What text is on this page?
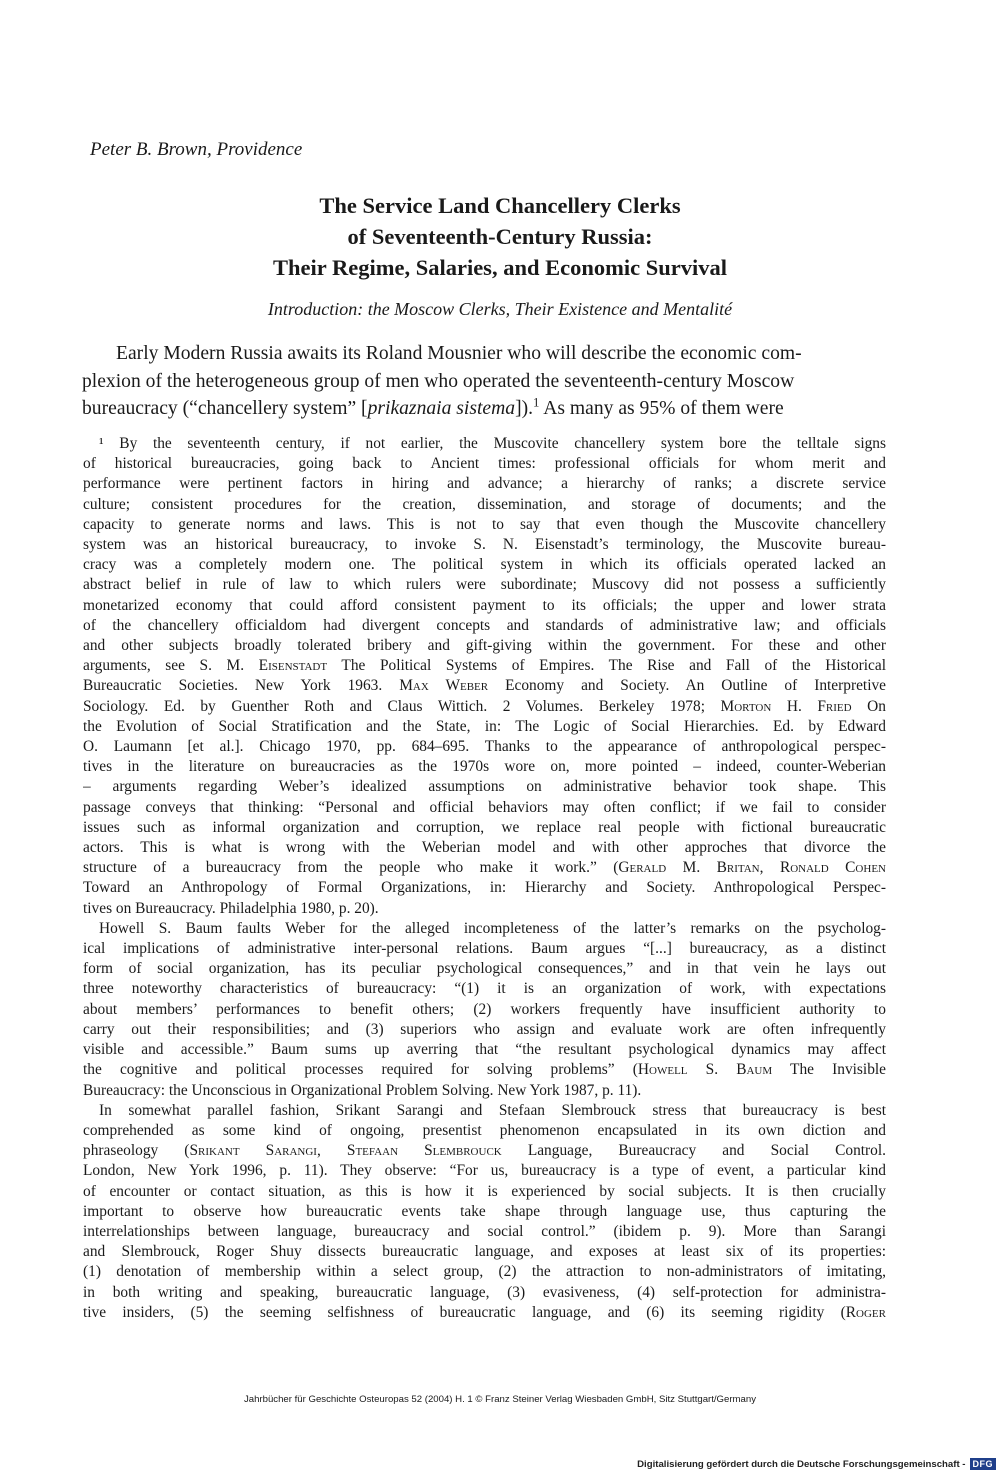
Peter B. Brown, Providence
The Service Land Chancellery Clerks
of Seventeenth-Century Russia:
Their Regime, Salaries, and Economic Survival
Introduction: the Moscow Clerks, Their Existence and Mentalité
Early Modern Russia awaits its Roland Mousnier who will describe the economic com-
plexion of the heterogeneous group of men who operated the seventeenth-century Moscow
bureaucracy (“chancellery system” [prikaznaia sistema]).$^1$ As many as 95% of them were
¹ By the seventeenth century, if not earlier, the Muscovite chancellery system bore the telltale signs
of historical bureaucracies, going back to Ancient times: professional officials for whom merit and
performance were pertinent factors in hiring and advance; a hierarchy of ranks; a discrete service
culture; consistent procedures for the creation, dissemination, and storage of documents; and the
capacity to generate norms and laws. This is not to say that even though the Muscovite chancellery
system was an historical bureaucracy, to invoke S. N. Eisenstadt’s terminology, the Muscovite bureau-
cracy was a completely modern one. The political system in which its officials operated lacked an
abstract belief in rule of law to which rulers were subordinate; Muscovy did not possess a sufficiently
monetarized economy that could afford consistent payment to its officials; the upper and lower strata
of the chancellery officialdom had divergent concepts and standards of administrative law; and officials
and other subjects broadly tolerated bribery and gift-giving within the government. For these and other
arguments, see S. M. Eisenstadt The Political Systems of Empires. The Rise and Fall of the Historical
Bureaucratic Societies. New York 1963. Max Weber Economy and Society. An Outline of Interpretive
Sociology. Ed. by Guenther Roth and Claus Wittich. 2 Volumes. Berkeley 1978; Morton H. Fried On
the Evolution of Social Stratification and the State, in: The Logic of Social Hierarchies. Ed. by Edward
O. Laumann [et al.]. Chicago 1970, pp. 684–695. Thanks to the appearance of anthropological perspec-
tives in the literature on bureaucracies as the 1970s wore on, more pointed – indeed, counter-Weberian
– arguments regarding Weber’s idealized assumptions on administrative behavior took shape. This
passage conveys that thinking: “Personal and official behaviors may often conflict; if we fail to consider
issues such as informal organization and corruption, we replace real people with fictional bureaucratic
actors. This is what is wrong with the Weberian model and with other approches that divorce the
structure of a bureaucracy from the people who make it work.” (Gerald M. Britan, Ronald Cohen
Toward an Anthropology of Formal Organizations, in: Hierarchy and Society. Anthropological Perspec-
tives on Bureaucracy. Philadelphia 1980, p. 20).
Howell S. Baum faults Weber for the alleged incompleteness of the latter’s remarks on the psycholog-
ical implications of administrative inter-personal relations. Baum argues “[...] bureaucracy, as a distinct
form of social organization, has its peculiar psychological consequences,” and in that vein he lays out
three noteworthy characteristics of bureaucracy: “(1) it is an organization of work, with expectations
about members’ performances to benefit others; (2) workers frequently have insufficient authority to
carry out their responsibilities; and (3) superiors who assign and evaluate work are often infrequently
visible and accessible.” Baum sums up averring that “the resultant psychological dynamics may affect
the cognitive and political processes required for solving problems” (Howell S. Baum The Invisible
Bureaucracy: the Unconscious in Organizational Problem Solving. New York 1987, p. 11).
In somewhat parallel fashion, Srikant Sarangi and Stefaan Slembrouck stress that bureaucracy is best
comprehended as some kind of ongoing, presentist phenomenon encapsulated in its own diction and
phraseology (Srikant Sarangi, Stefaan Slembrouck Language, Bureaucracy and Social Control.
London, New York 1996, p. 11). They observe: “For us, bureaucracy is a type of event, a particular kind
of encounter or contact situation, as this is how it is experienced by social subjects. It is then crucially
important to observe how bureaucratic events take shape through language use, thus capturing the
interrelationships between language, bureaucracy and social control.” (ibidem p. 9). More than Sarangi
and Slembrouck, Roger Shuy dissects bureaucratic language, and exposes at least six of its properties:
(1) denotation of membership within a select group, (2) the attraction to non-administrators of imitating,
in both writing and speaking, bureaucratic language, (3) evasiveness, (4) self-protection for administra-
tive insiders, (5) the seeming selfishness of bureaucratic language, and (6) its seeming rigidity (Roger
Jahrbücher für Geschichte Osteuropas 52 (2004) H. 1 © Franz Steiner Verlag Wiesbaden GmbH, Sitz Stuttgart/Germany
Digitalisierung gefördert durch die Deutsche Forschungsgemeinschaft - DFG
